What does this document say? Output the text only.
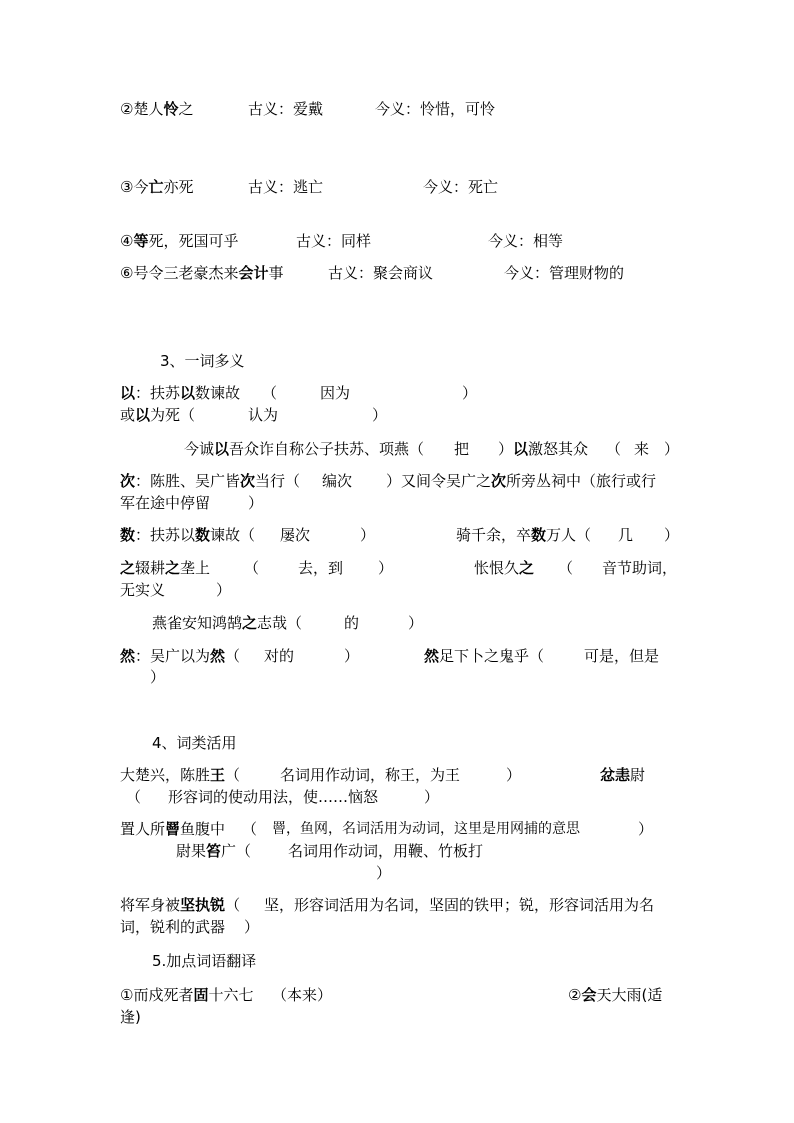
②楚人怜之	古义：爱戴	今义：怜惜，可怜
③今亡亦死	古义：逃亡	今义：死亡
④等死，死国可乎	古义：同样	今义：相等
⑥号令三老豪杰来会计事	古义：聚会商议	今义：管理财物的
3、一词多义
以：扶苏以数谏故 （	因为	）
或以为死（	认为	）
今诚以吾众诈自称公子扶苏、项燕（ 把 ）以激怒其众 （ 来 ）
次：陈胜、吴广皆次当行（ 编次 ）又间令吴广之次所旁丛祠中（旅行或行
军在途中停留	）
数：扶苏以数谏故（ 屡次	）	骑千余，卒数万人（ 几 ）
之辍耕之垄上 （	去，到 ）	怅恨久之 （ 音节助词，
无实义	）
燕雀安知鸿鹄之志哉（	的	）
然：吴广以为然（ 对的	）	然足下卜之鬼乎（	可是，但是
）
4、词类活用
大楚兴，陈胜王（	名词用作动词，称王，为王	）	忿恚尉
（ 形容词的使动用法，使……恼怒	）
置人所罾鱼腹中 （ 罾，鱼网，名词活用为动词，这里是用网捕的意思	）
尉果笞广（ 名词用作动词，用鞭、竹板打
）
将军身被坚执锐（ 坚，形容词活用为名词，坚固的铁甲；锐，形容词活用为名
词，锐利的武器 ）
5.加点词语翻译
①而戍死者固十六七 （本来）	②会天大雨(适
逢)
